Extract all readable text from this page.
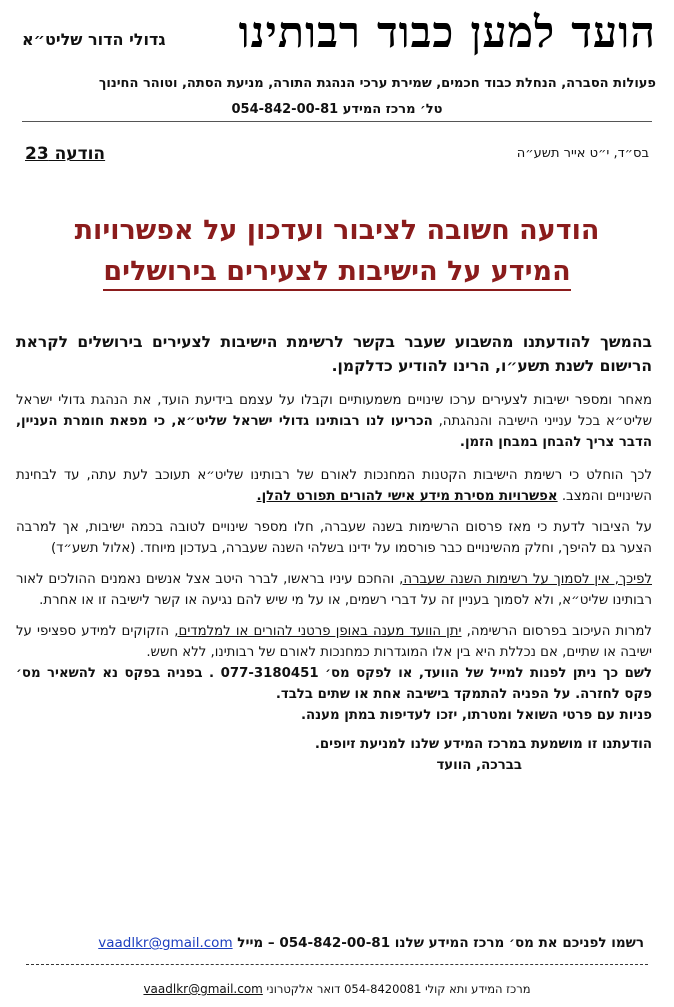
הועד למען כבוד רבותינו
גדולי הדור שליט״א
פעולות הסברה, הנחלת כבוד חכמים, שמירת ערכי הנהגת התורה, מניעת הסתה, וטוהר החינוך
טל׳ מרכז המידע 054-842-00-81
בס״ד, י״ט אייר תשע״ה
הודעה 23
הודעה חשובה לציבור ועדכון על אפשרויות
המידע על הישיבות לצעירים בירושלים

בהמשך להודעתנו מהשבוע שעבר בקשר לרשימת הישיבות לצעירים בירושלים לקראת הרישום לשנת תשע״ו, הרינו להודיע כדלקמן.

מאחר ומספר ישיבות לצעירים ערכו שינויים משמעותיים וקבלו על עצמם בידיעת הועד, את הנהגת גדולי ישראל שליט״א בכל ענייני הישיבה והנהגתה, הכריעו לנו רבותינו גדולי ישראל שליט״א, כי מפאת חומרת העניין, הדבר צריך להבחן במבחן הזמן.

לכך הוחלט כי רשימת הישיבות הקטנות המחנכות לאורם של רבותינו שליט״א תעוכב לעת עתה, עד לבחינת השינויים והמצב. אפשרויות מסירת מידע אישי להורים תפורט להלן.

על הציבור לדעת כי מאז פרסום הרשימות בשנה שעברה, חלו מספר שינויים לטובה בכמה ישיבות, אך למרבה הצער גם להיפך, וחלק מהשינויים כבר פורסמו על ידינו בשלהי השנה שעברה, בעדכון מיוחד. (אלול תשע״ד)

לפיכך, אין לסמוך על רשימות השנה שעברה, והחכם עיניו בראשו, לברר היטב אצל אנשים נאמנים ההולכים לאור רבותינו שליט״א, ולא לסמוך בעניין זה על דברי רשמים, או על מי שיש להם נגיעה או קשר לישיבה זו או אחרת.

למרות העיכוב בפרסום הרשימה, יתן הוועד מענה באופן פרטני להורים או למלמדים, הזקוקים למידע ספציפי על ישיבה או שתיים, אם נכללת היא בין אלו המוגדרות כמחנכות לאורם של רבותינו, ללא חשש.

לשם כך ניתן לפנות למייל של הוועד, או לפקס מס׳ 077-3180451 . בפניה בפקס נא להשאיר מס׳ פקס לחזרה. על הפניה להתמקד בישיבה אחת או שתים בלבד.

פניות עם פרטי השואל ומטרתו, יזכו לעדיפות במתן מענה.

הודעתנו זו מושמעת במרכז המידע שלנו למניעת זיופים.

בברכה, הוועד

רשמו לפניכם את מס׳ מרכז המידע שלנו 054-842-00-81 – מייל vaadlkr@gmail.com
מרכז המידע ותא קולי 054-8420081 דואר אלקטרוני vaadlkr@gmail.com
